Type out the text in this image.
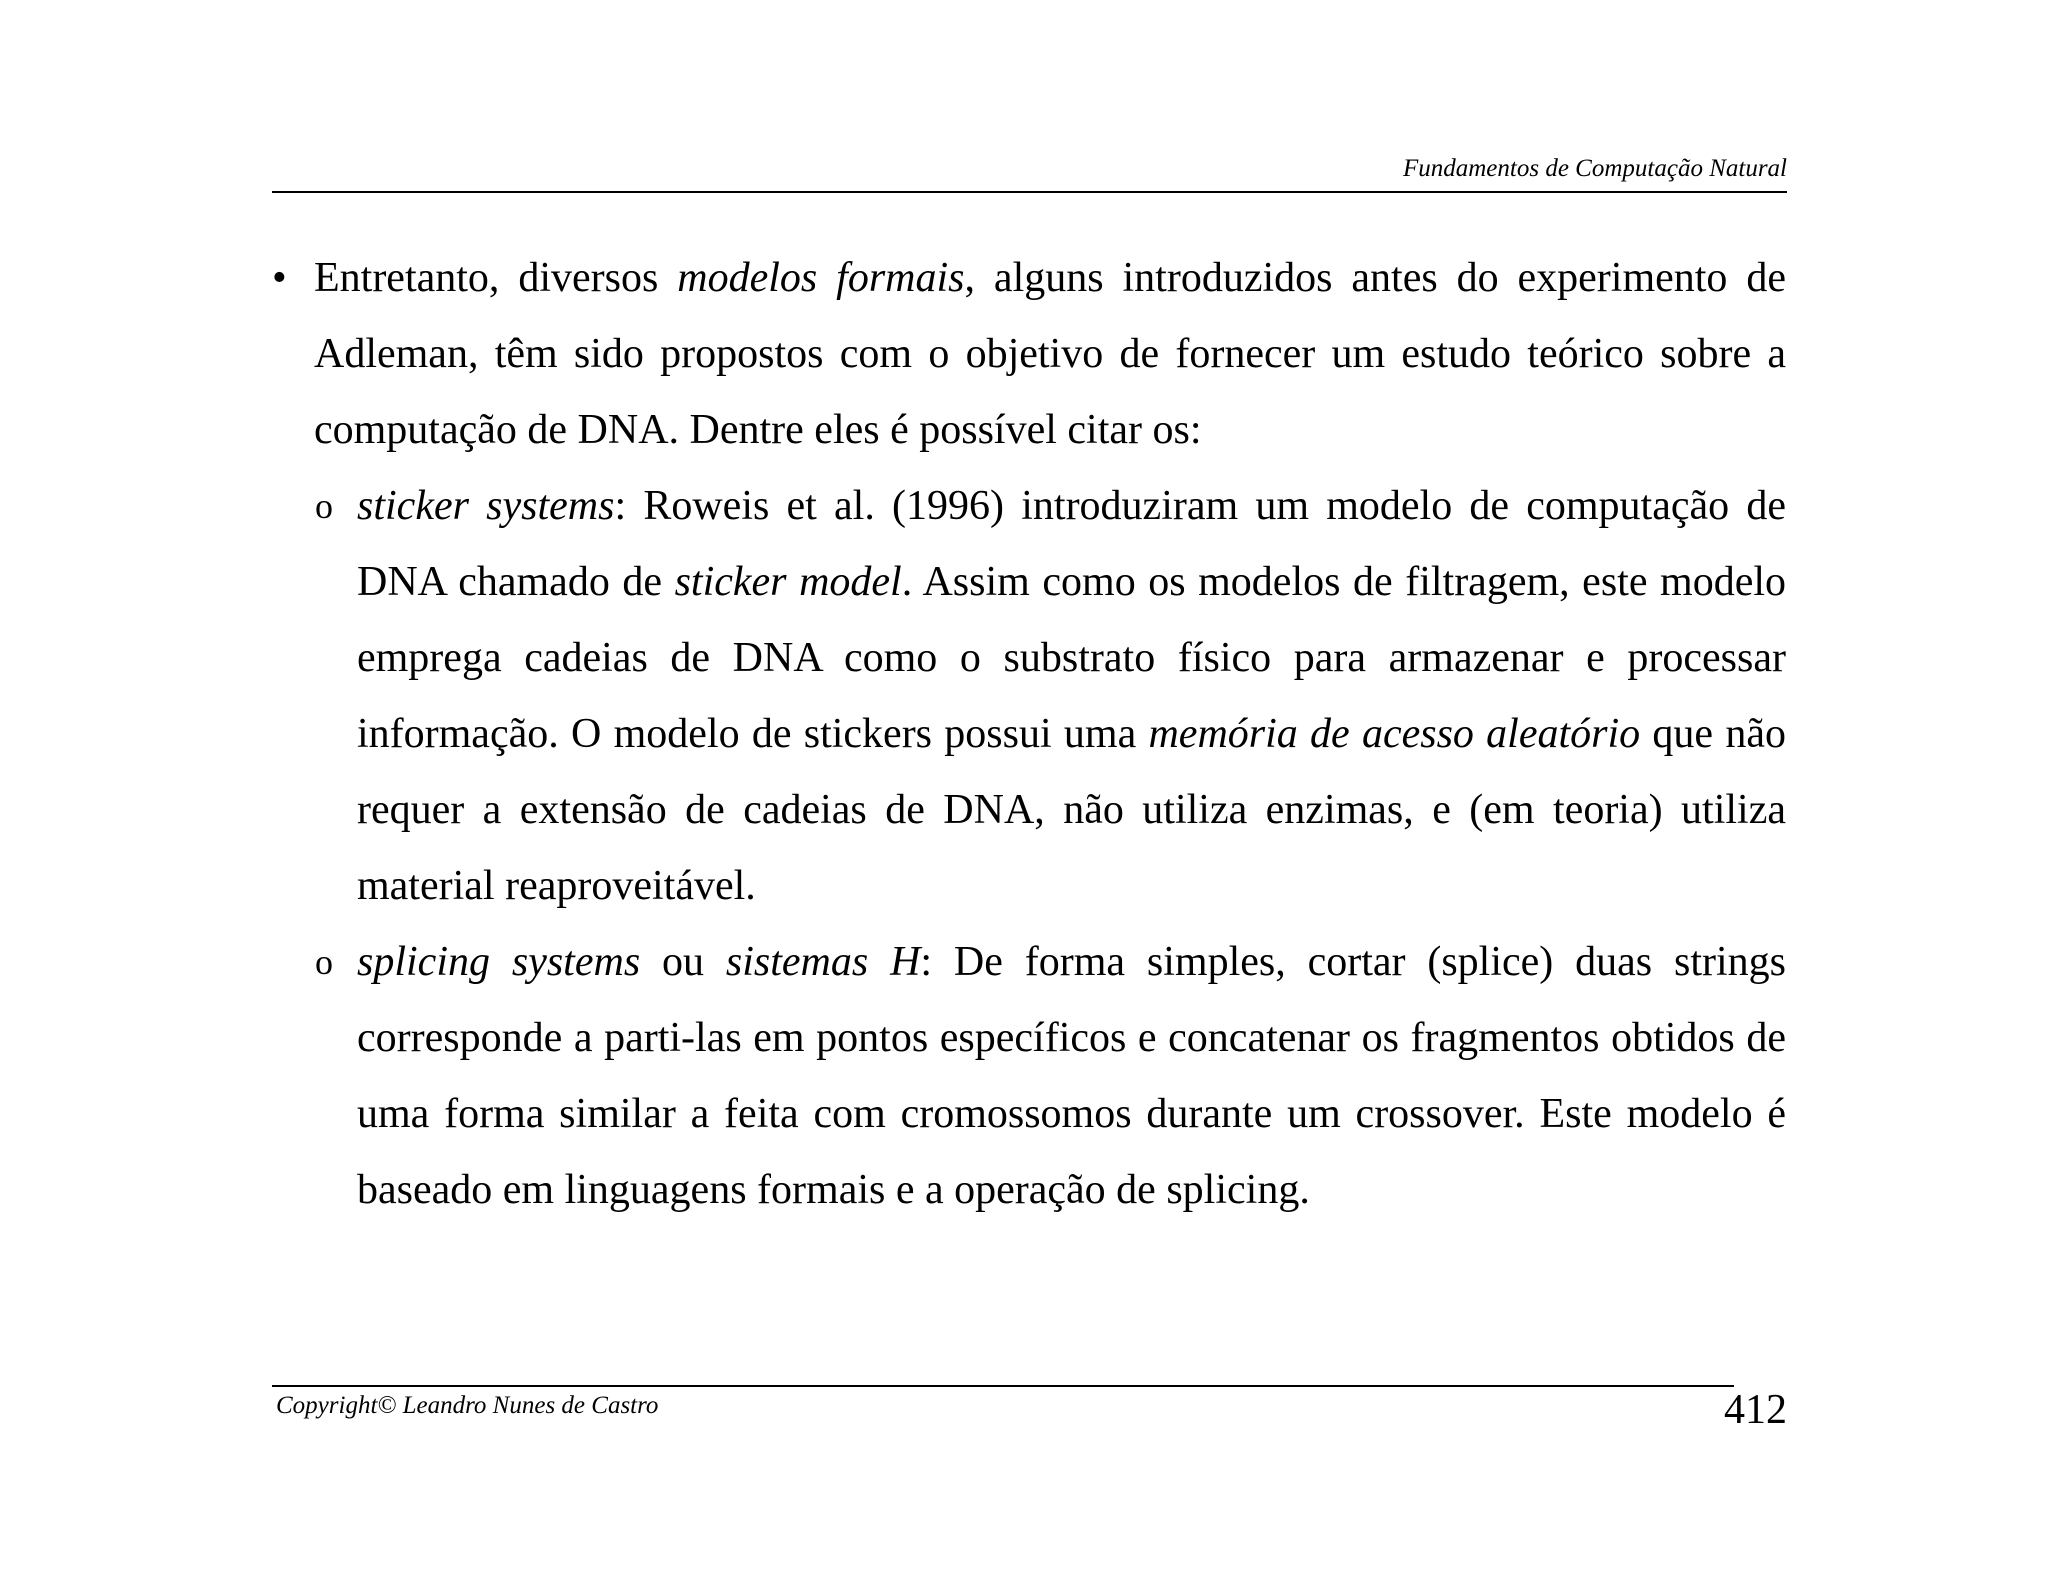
Fundamentos de Computação Natural
• Entretanto, diversos modelos formais, alguns introduzidos antes do experimento de Adleman, têm sido propostos com o objetivo de fornecer um estudo teórico sobre a computação de DNA. Dentre eles é possível citar os:
o sticker systems: Roweis et al. (1996) introduziram um modelo de computação de DNA chamado de sticker model. Assim como os modelos de filtragem, este modelo emprega cadeias de DNA como o substrato físico para armazenar e processar informação. O modelo de stickers possui uma memória de acesso aleatório que não requer a extensão de cadeias de DNA, não utiliza enzimas, e (em teoria) utiliza material reaproveitável.
o splicing systems ou sistemas H: De forma simples, cortar (splice) duas strings corresponde a parti-las em pontos específicos e concatenar os fragmentos obtidos de uma forma similar a feita com cromossomos durante um crossover. Este modelo é baseado em linguagens formais e a operação de splicing.
Copyright© Leandro Nunes de Castro	412
